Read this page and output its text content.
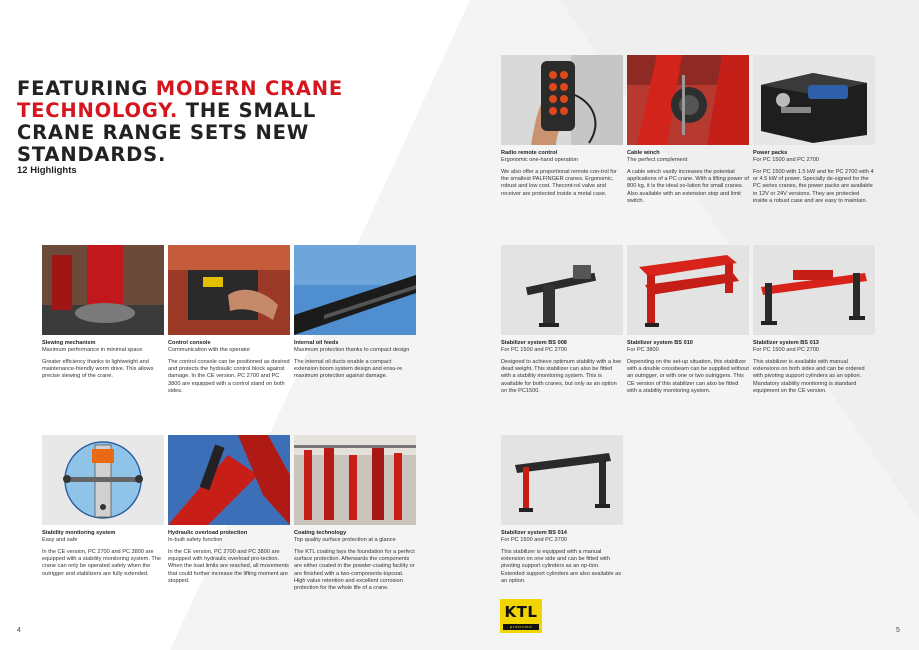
FEATURING MODERN CRANE TECHNOLOGY. THE SMALL CRANE RANGE SETS NEW STANDARDS.
12 Highlights
Radio remote control
Ergonomic one-hand operation
We also offer a proportional remote con-trol for the smallest PALFINGER cranes. Ergonomic, robust and low cost. Thecont-rol valve and receiver are protected inside a metal case.
Cable winch
The perfect complement
A cable winch vastly increases the potential applications of a PC crane. With a lifting power of 800 kg, it is the ideal so-lution for small cranes. Also available with an extension stop and limit switch.
Power packs
For PC 1500 and PC 2700
For PC 1500 with 1.5 kW and for PC 2700 with 4 or 4.5 kW of power. Specially de-signed for the PC series cranes, the power packs are available in 12V or 24V versions. They are protected inside a robust case and are easy to maintain.
Slewing mechanism
Maximum performance in minimal space
Greater efficiency thanks to lightweight and maintenance-friendly worm drive. This allows precise slewing of the crane.
Control console
Communication with the operator
The control console can be positioned as desired and protects the hydraulic control block against damage. In the CE version, PC 2700 and PC 3800 are equipped with a control stand on both sides.
Internal oil feeds
Maximum protection thanks to compact design
The internal oil ducts enable a compact extension boom system design and ensu-re maximum protection against damage.
Stabilizer system BS 008
For PC 1500 and PC 2700
Designed to achieve optimum stability with a low dead weight. This stabilizer can also be fitted with a stability monitoring system. This is available for both cranes, but only as an option on the PC1500.
Stabilizer system BS 010
For PC 3800
Depending on the set-up situation, this stabilizer with a double crossbeam can be supplied without an outrigger, or with one or two outriggers. This CE version of this stabilizer can also be fitted with a stability monitoring system.
Stabilizer system BS 013
For PC 1500 and PC 2700
This stabilizer is available with manual extensions on both sides and can be ordered with pivoting support cylinders as an option. Mandatory stability monitoring is standard equipment on the CE version.
Stability monitoring system
Easy and safe
In the CE version, PC 2700 and PC 3800 are equipped with a stability monitoring system. The crane can only be operated safely when the outrigger and stabilizers are fully extended.
Hydraulic overload protection
In-built safety function
In the CE version, PC 2700 and PC 3800 are equipped with hydraulic overload pro-tection. When the load limits are reached, all movements that could further increase the lifting moment are stopped.
Coating technology
Top quality surface protection at a glance
The KTL coating lays the foundation for a perfect surface protection. Afterwards the components are either coated in the powder-coating facility or are finished with a two-components-topcoat. High value retention and excellent corrosion protection for the whole life of a crane.
Stabilizer system BS 014
For PC 1500 and PC 2700
This stabilizer is equipped with a manual extension on one side and can be fitted with pivoting support cylinders as an op-tion. Extended support cylinders are also available as an option.
KTL
protected
4	5
